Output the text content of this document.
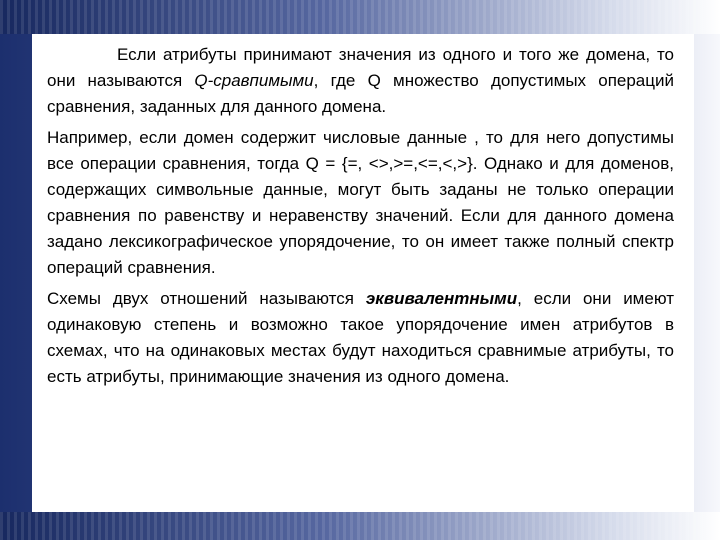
Если атрибуты принимают значения из одного и того же домена, то они называются Q-сравпимыми, где Q множество допустимых операций сравнения, заданных для данного домена.

Например, если домен содержит числовые данные , то для него допустимы все операции сравнения, тогда Q = {=, <>,>=,<=,<,>}. Однако и для доменов, содержащих символьные данные, могут быть заданы не только операции сравнения по равенству и неравенству значений. Если для данного домена задано лексикографическое упорядочение, то он имеет также полный спектр операций сравнения.

Схемы двух отношений называются эквивалентными, если они имеют одинаковую степень и возможно такое упорядочение имен атрибутов в схемах, что на одинаковых местах будут находиться сравнимые атрибуты, то есть атрибуты, принимающие значения из одного домена.
